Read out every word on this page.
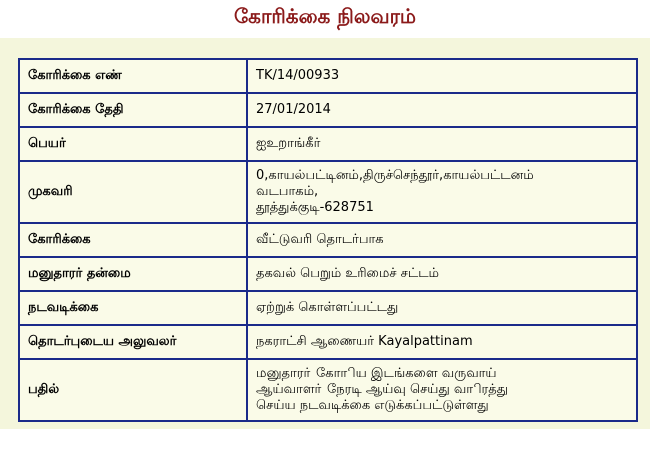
கோரிக்கை நிலவரம்
கோரிக்கை எண்	TK/14/00933
கோரிக்கை தேதி	27/01/2014
பெயர்	ஐஉறாங்கீர்
முகவரி	0,காயல்பட்டினம்,திருச்செந்தூர்,காயல்பட்டனம்
வடபாகம்,
தூத்துக்குடி-628751

கோரிக்கை	வீட்டுவரி தொடர்பாக
மனுதாரர் தன்மை	தகவல் பெறும் உரிமைச் சட்டம்
நடவடிக்கை	ஏற்றுக் கொள்ளப்பட்டது
தொடர்புடைய அலுவலர்	நகராட்சி ஆணையர் Kayalpattinam
பதில்	மனுதாரா் கோாிய இடங்களை வருவாய்
ஆய்வாளா் நேரடி ஆய்வு செய்து வாிரத்து
செய்ய நடவடிக்கை எடுக்கப்பட்டுள்ளது
